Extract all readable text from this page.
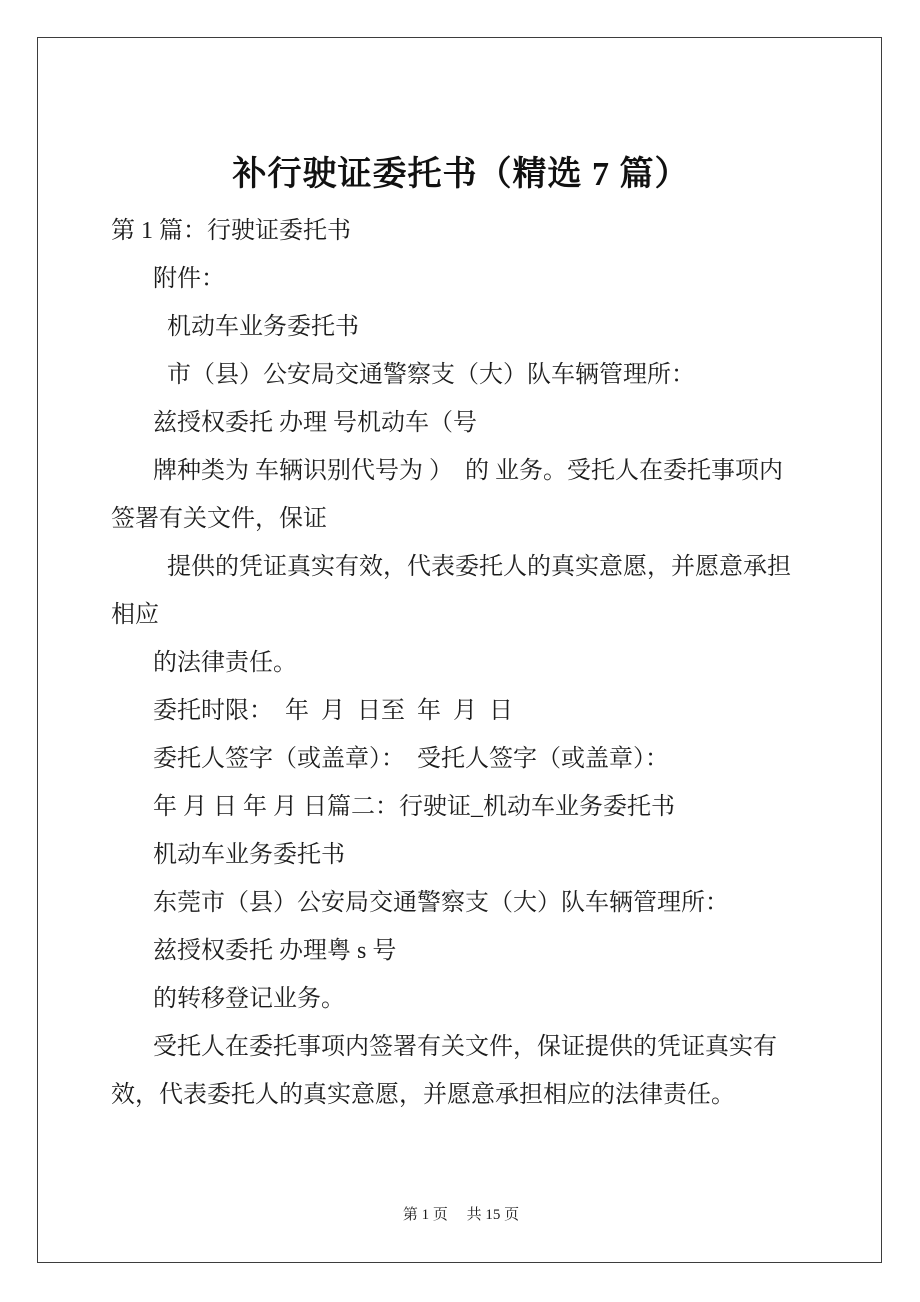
补行驶证委托书（精选 7 篇）
第 1 篇：行驶证委托书
附件：
机动车业务委托书
市（县）公安局交通警察支（大）队车辆管理所：
兹授权委托 办理 号机动车（号
牌种类为 车辆识别代号为 ）  的 业务。受托人在委托事项内
签署有关文件，保证
提供的凭证真实有效，代表委托人的真实意愿，并愿意承担
相应
的法律责任。
委托时限：  年  月  日至  年  月  日
委托人签字（或盖章）：  受托人签字（或盖章）：
年 月 日 年 月 日篇二：行驶证_机动车业务委托书
机动车业务委托书
东莞市（县）公安局交通警察支（大）队车辆管理所：
兹授权委托 办理粤 s 号
的转移登记业务。
受托人在委托事项内签署有关文件，保证提供的凭证真实有
效，代表委托人的真实意愿，并愿意承担相应的法律责任。
第 1 页　 共 15 页
